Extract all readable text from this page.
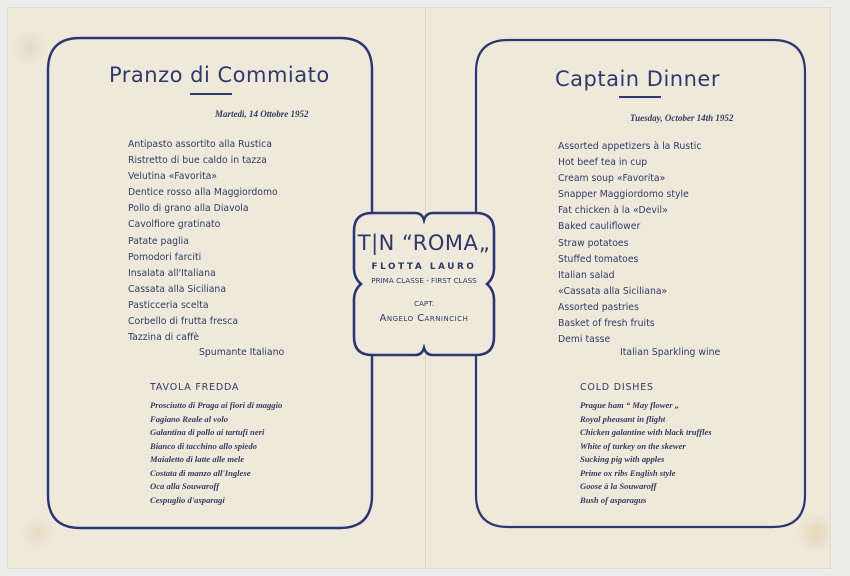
Pranzo di Commiato
Martedì, 14 Ottobre 1952
Antipasto assortito alla Rustica
Ristretto di bue caldo in tazza
Velutina «Favorita»
Dentice rosso alla Maggiordomo
Pollo di grano alla Diavola
Cavolfiore gratinato
Patate paglia
Pomodori farciti
Insalata all'Italiana
Cassata alla Siciliana
Pasticceria scelta
Corbello di frutta fresca
Tazzina di caffè
Spumante Italiano
TAVOLA FREDDA
Prosciutto di Praga ai fiori di maggio
Fagiano Reale al volo
Galantina di pollo ai tartufi neri
Bianco di tacchino allo spiedo
Maialetto di latte alle mele
Costata di manzo all'Inglese
Oca alla Souwaroff
Cespuglio d'asparagi
T|N “ROMA„
FLOTTA LAURO
PRIMA CLASSE - FIRST CLASS
CAPT.
Angelo Carnincich
Captain Dinner
Tuesday, October 14th 1952
Assorted appetizers à la Rustic
Hot beef tea in cup
Cream soup «Favorita»
Snapper Maggiordomo style
Fat chicken à la «Devil»
Baked cauliflower
Straw potatoes
Stuffed tomatoes
Italian salad
«Cassata alla Siciliana»
Assorted pastries
Basket of fresh fruits
Demi tasse
Italian Sparkling wine
COLD DISHES
Prague ham “ May flower „
Royal pheasant in flight
Chicken galantine with black truffles
White of turkey on the skewer
Sucking pig with apples
Prime ox ribs English style
Goose à la Souwaroff
Bush of asparagus
